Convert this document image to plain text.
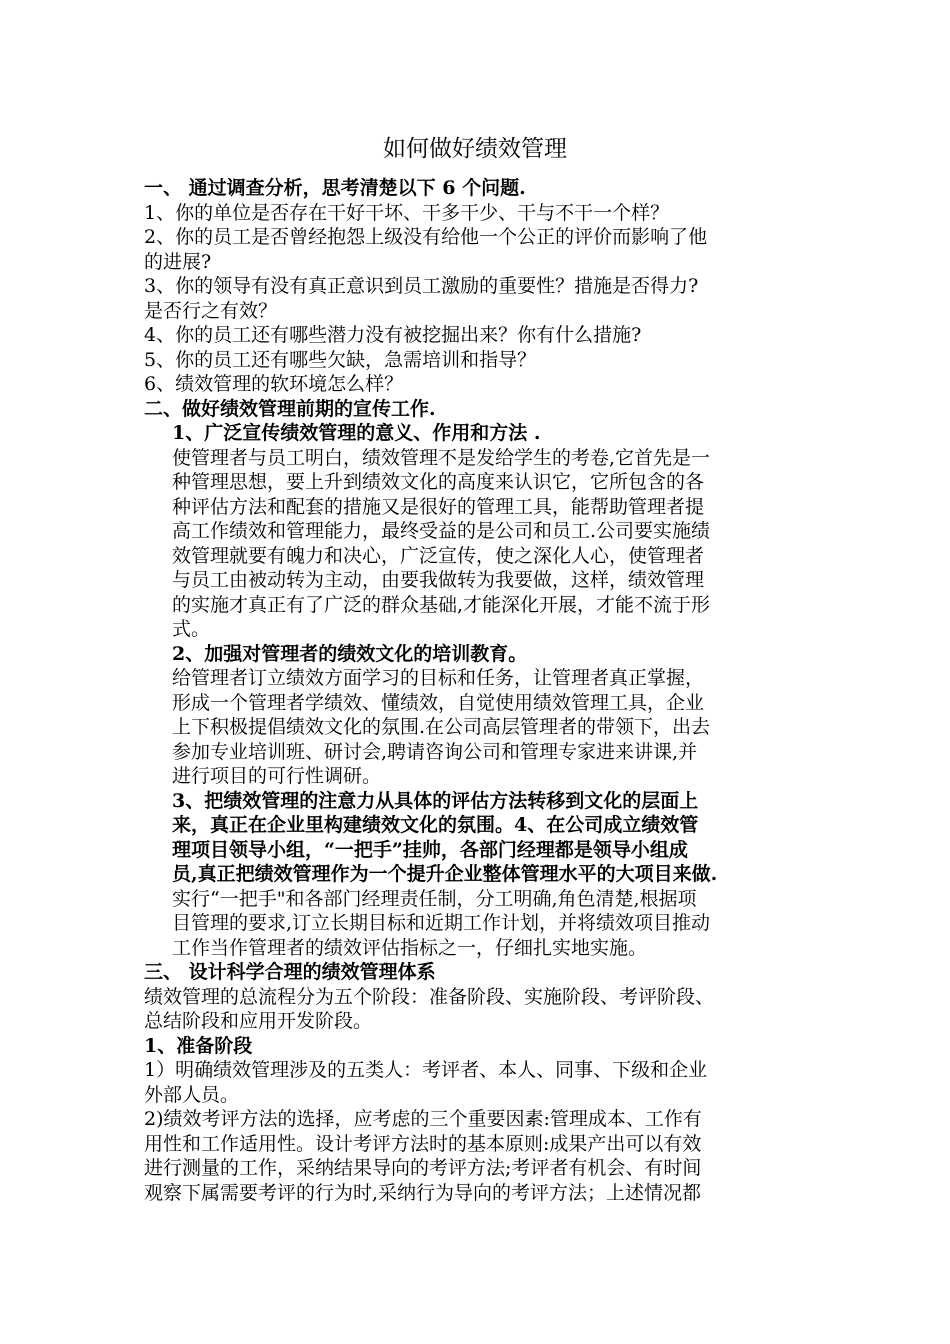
如何做好绩效管理
一、 通过调查分析，思考清楚以下 6 个问题.
1、你的单位是否存在干好干坏、干多干少、干与不干一个样？
2、你的员工是否曾经抱怨上级没有给他一个公正的评价而影响了他
的进展?
3、你的领导有没有真正意识到员工激励的重要性？措施是否得力?
是否行之有效？
4、你的员工还有哪些潜力没有被挖掘出来？你有什么措施?
5、你的员工还有哪些欠缺，急需培训和指导？
6、绩效管理的软环境怎么样？
二、做好绩效管理前期的宣传工作.
1、广泛宣传绩效管理的意义、作用和方法 .
使管理者与员工明白，绩效管理不是发给学生的考卷,它首先是一
种管理思想，要上升到绩效文化的高度来认识它，它所包含的各
种评估方法和配套的措施又是很好的管理工具，能帮助管理者提
高工作绩效和管理能力，最终受益的是公司和员工.公司要实施绩
效管理就要有魄力和决心，广泛宣传，使之深化人心，使管理者
与员工由被动转为主动，由要我做转为我要做，这样，绩效管理
的实施才真正有了广泛的群众基础,才能深化开展，才能不流于形
式。
2、加强对管理者的绩效文化的培训教育。
给管理者订立绩效方面学习的目标和任务，让管理者真正掌握，
形成一个管理者学绩效、懂绩效，自觉使用绩效管理工具，企业
上下积极提倡绩效文化的氛围.在公司高层管理者的带领下，出去
参加专业培训班、研讨会,聘请咨询公司和管理专家进来讲课,并
进行项目的可行性调研。
3、把绩效管理的注意力从具体的评估方法转移到文化的层面上
来，真正在企业里构建绩效文化的氛围。4、在公司成立绩效管
理项目领导小组，“一把手”挂帅，各部门经理都是领导小组成
员,真正把绩效管理作为一个提升企业整体管理水平的大项目来做.
实行“一把手"和各部门经理责任制，分工明确,角色清楚,根据项
目管理的要求,订立长期目标和近期工作计划，并将绩效项目推动
工作当作管理者的绩效评估指标之一，仔细扎实地实施。
三、 设计科学合理的绩效管理体系
绩效管理的总流程分为五个阶段：准备阶段、实施阶段、考评阶段、
总结阶段和应用开发阶段。
1、准备阶段
1）明确绩效管理涉及的五类人：考评者、本人、同事、下级和企业
外部人员。
2)绩效考评方法的选择，应考虑的三个重要因素:管理成本、工作有
用性和工作适用性。设计考评方法时的基本原则:成果产出可以有效
进行测量的工作，采纳结果导向的考评方法;考评者有机会、有时间
观察下属需要考评的行为时,采纳行为导向的考评方法；上述情况都
